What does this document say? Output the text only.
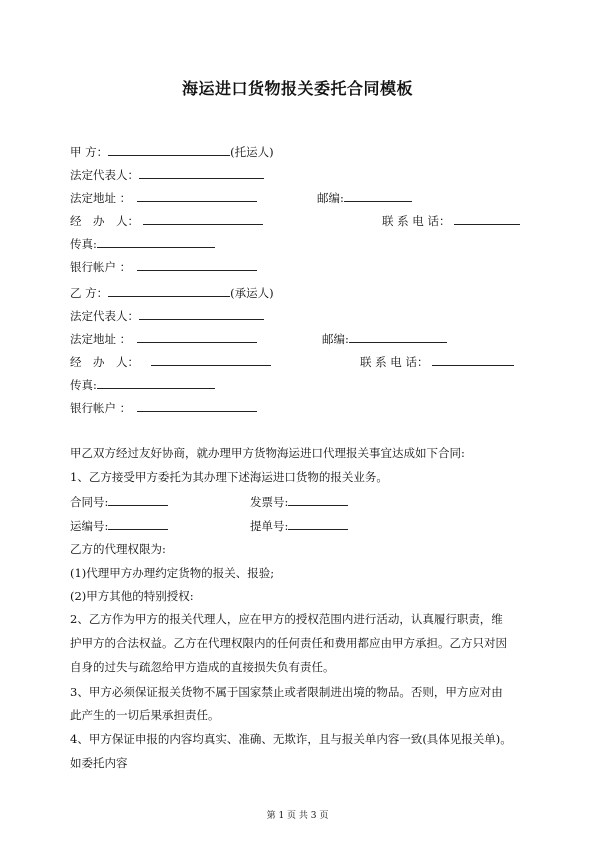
海运进口货物报关委托合同模板
甲 方：	(托运人)
法定代表人：
法定地址 ：	邮编:
经　办　人：	联 系 电 话：
传真:
银行帐户 ：
乙 方：	(承运人)
法定代表人：
法定地址 ：	邮编:
经　办　人：	联 系 电 话：
传真:
银行帐户 ：
甲乙双方经过友好协商，就办理甲方货物海运进口代理报关事宜达成如下合同:
1、乙方接受甲方委托为其办理下述海运进口货物的报关业务。
合同号:	发票号:
运编号:	提单号:
乙方的代理权限为:
(1)代理甲方办理约定货物的报关、报验;
(2)甲方其他的特别授权:
2、乙方作为甲方的报关代理人，应在甲方的授权范围内进行活动，认真履行职责，维
护甲方的合法权益。乙方在代理权限内的任何责任和费用都应由甲方承担。乙方只对因
自身的过失与疏忽给甲方造成的直接损失负有责任。
3、甲方必须保证报关货物不属于国家禁止或者限制进出境的物品。否则，甲方应对由
此产生的一切后果承担责任。
4、甲方保证申报的内容均真实、准确、无欺诈，且与报关单内容一致(具体见报关单)。
如委托内容
第 1 页 共 3 页
